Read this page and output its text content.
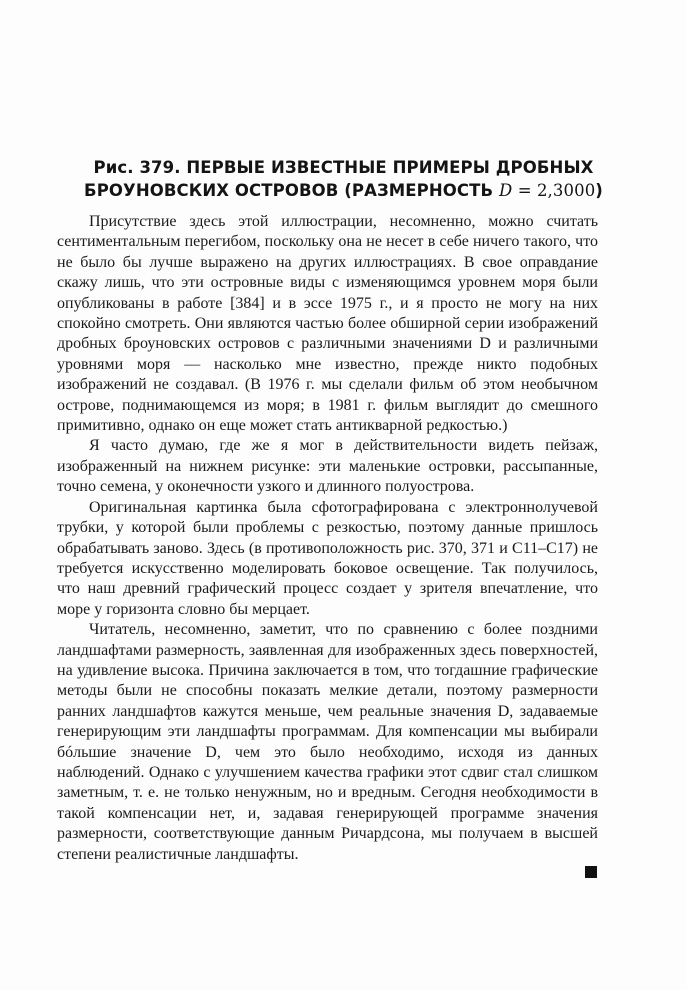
Рис. 379. ПЕРВЫЕ ИЗВЕСТНЫЕ ПРИМЕРЫ ДРОБНЫХ
БРОУНОВСКИХ ОСТРОВОВ (РАЗМЕРНОСТЬ D = 2,3000)

Присутствие здесь этой иллюстрации, несомненно, можно считать сентиментальным перегибом, поскольку она не несет в себе ничего такого, что не было бы лучше выражено на других иллюстрациях. В свое оправдание скажу лишь, что эти островные виды с изменяющимся уровнем моря были опубликованы в работе [384] и в эссе 1975 г., и я просто не могу на них спокойно смотреть. Они являются частью более обширной серии изображений дробных броуновских островов с различными значениями D и различными уровнями моря — насколько мне известно, прежде никто подобных изображений не создавал. (В 1976 г. мы сделали фильм об этом необычном острове, поднимающемся из моря; в 1981 г. фильм выглядит до смешного примитивно, однако он еще может стать антикварной редкостью.)

Я часто думаю, где же я мог в действительности видеть пейзаж, изображенный на нижнем рисунке: эти маленькие островки, рассыпанные, точно семена, у оконечности узкого и длинного полуострова.

Оригинальная картинка была сфотографирована с электроннолучевой трубки, у которой были проблемы с резкостью, поэтому данные пришлось обрабатывать заново. Здесь (в противоположность рис. 370, 371 и С11–С17) не требуется искусственно моделировать боковое освещение. Так получилось, что наш древний графический процесс создает у зрителя впечатление, что море у горизонта словно бы мерцает.

Читатель, несомненно, заметит, что по сравнению с более поздними ландшафтами размерность, заявленная для изображенных здесь поверхностей, на удивление высока. Причина заключается в том, что тогдашние графические методы были не способны показать мелкие детали, поэтому размерности ранних ландшафтов кажутся меньше, чем реальные значения D, задаваемые генерирующим эти ландшафты программам. Для компенсации мы выбирали бóльшие значение D, чем это было необходимо, исходя из данных наблюдений. Однако с улучшением качества графики этот сдвиг стал слишком заметным, т. е. не только ненужным, но и вредным. Сегодня необходимости в такой компенсации нет, и, задавая генерирующей программе значения размерности, соответствующие данным Ричардсона, мы получаем в высшей степени реалистичные ландшафты.
